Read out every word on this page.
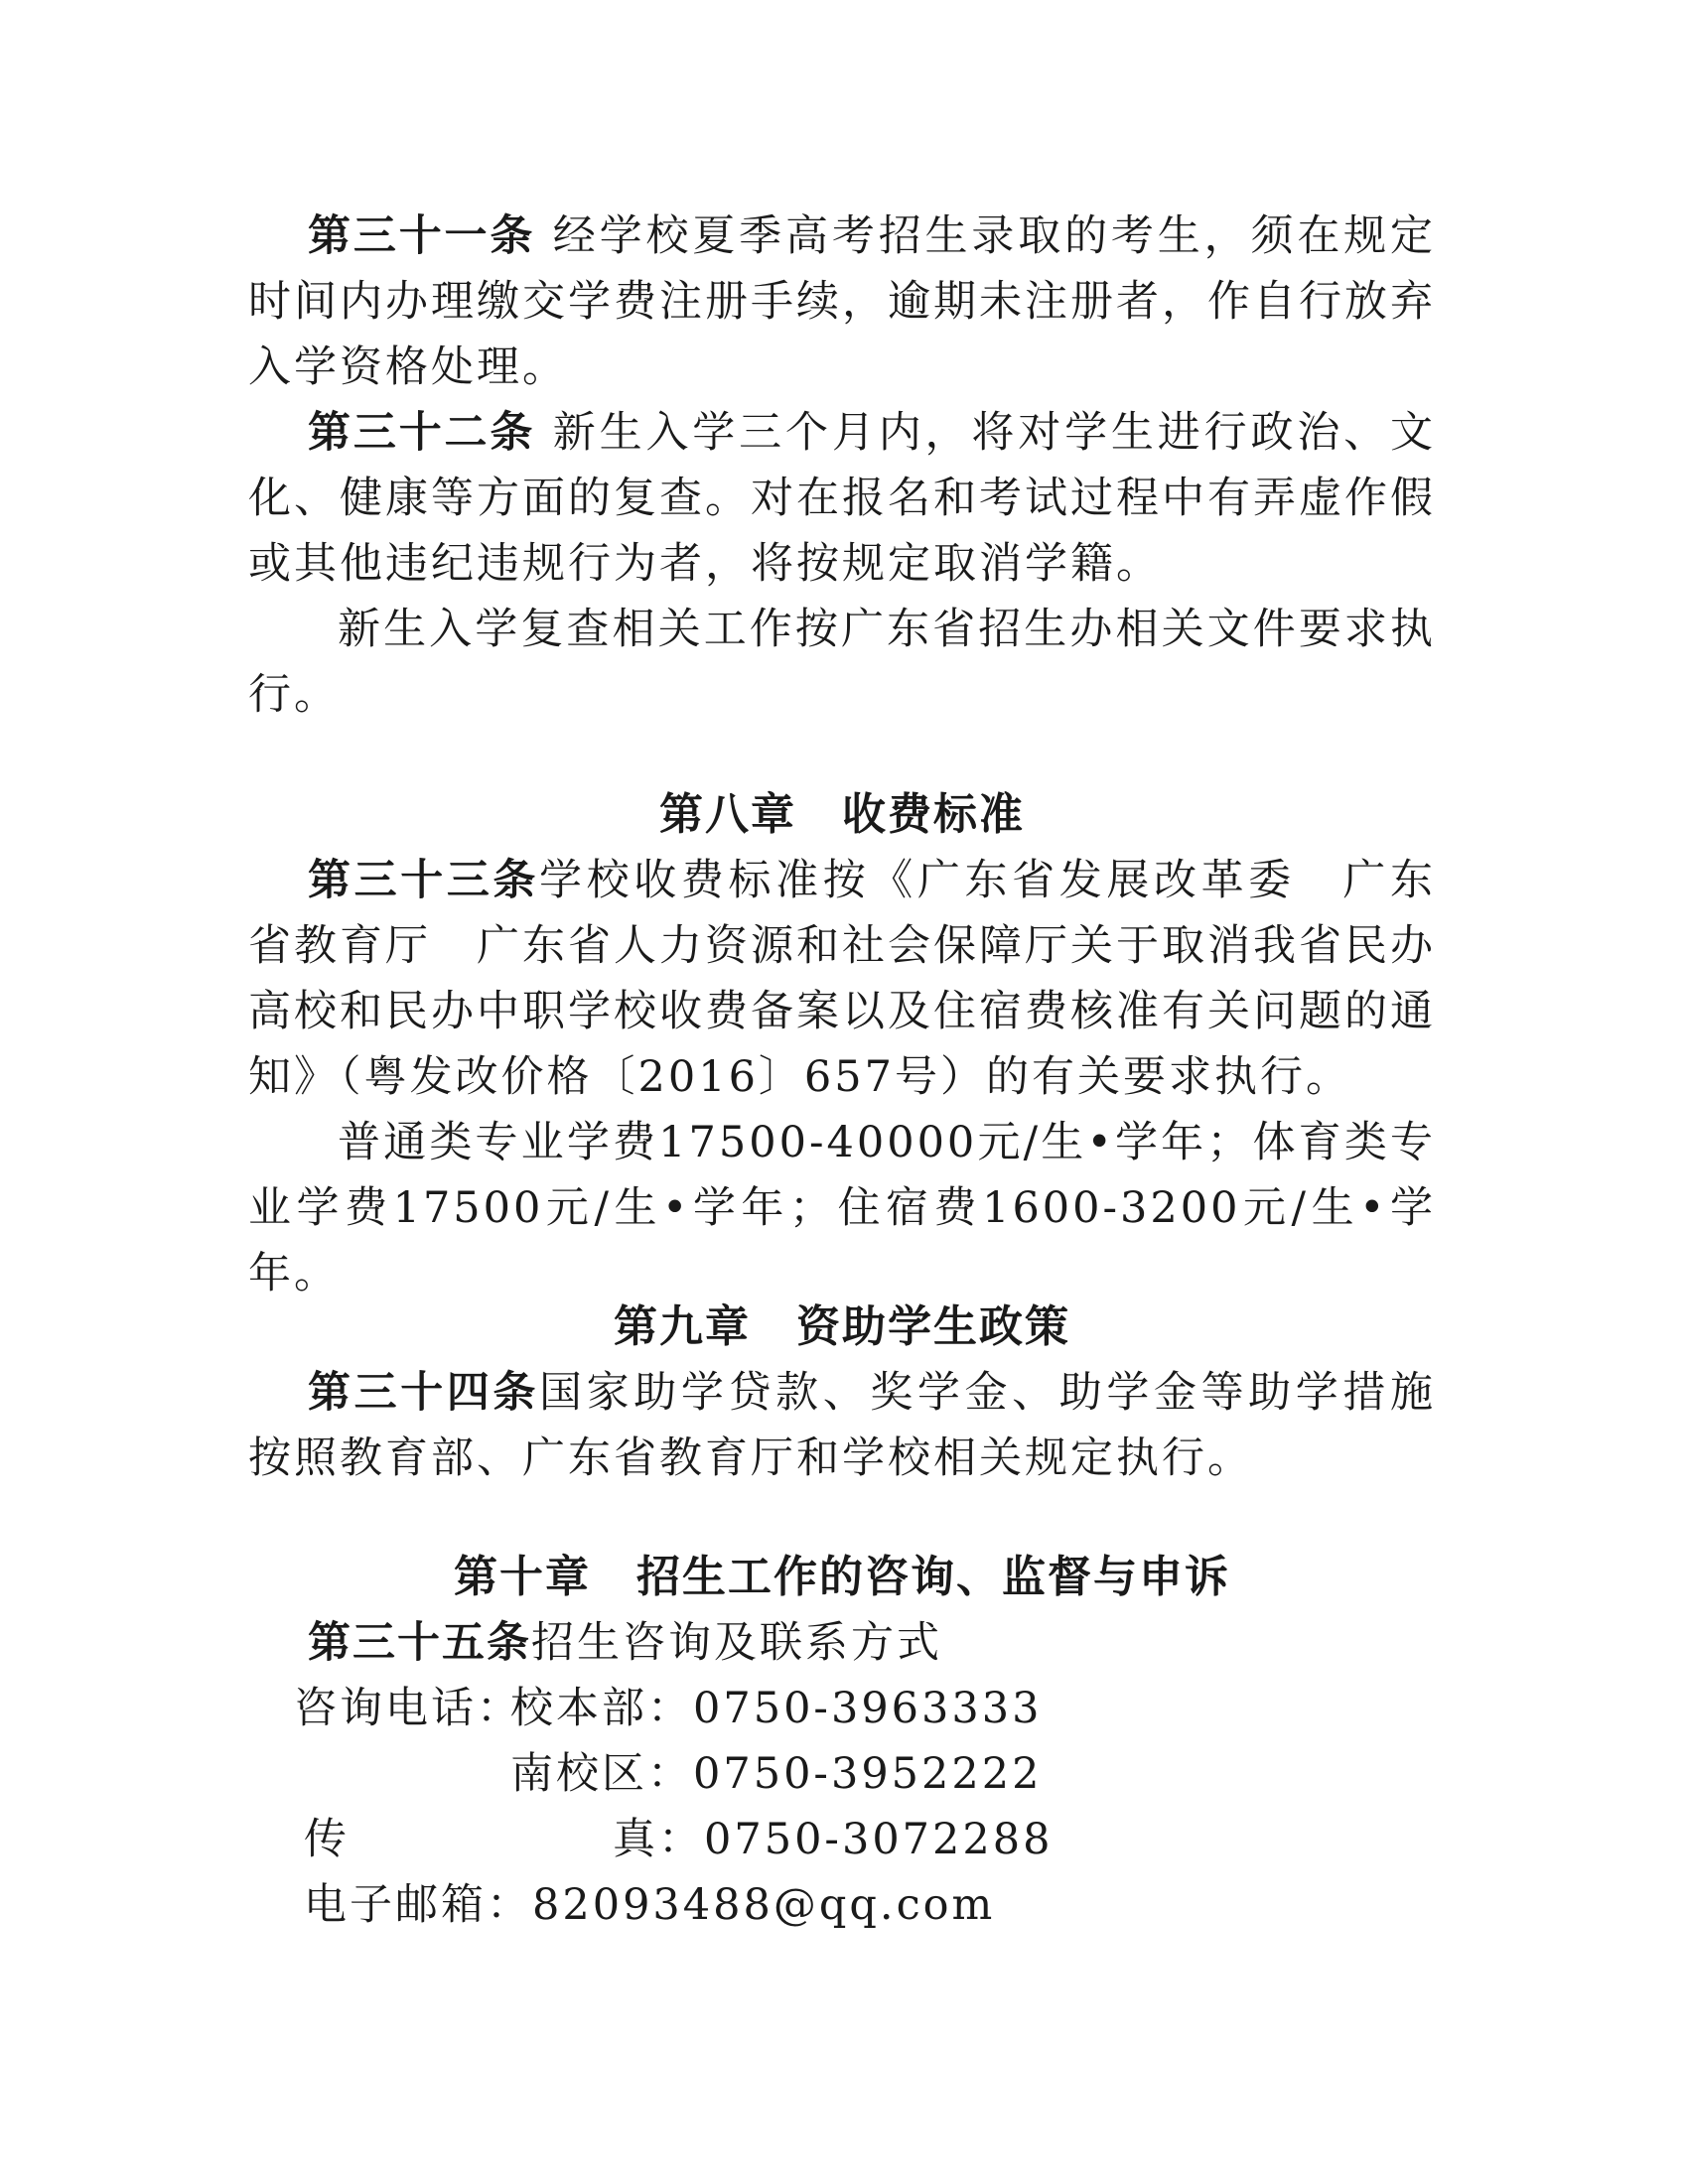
第三十一条 经学校夏季高考招生录取的考生，须在规定时间内办理缴交学费注册手续，逾期未注册者，作自行放弃入学资格处理。

第三十二条 新生入学三个月内，将对学生进行政治、文化、健康等方面的复查。对在报名和考试过程中有弄虚作假或其他违纪违规行为者，将按规定取消学籍。

新生入学复查相关工作按广东省招生办相关文件要求执行。

第八章　收费标准

第三十三条学校收费标准按《广东省发展改革委　广东省教育厅　广东省人力资源和社会保障厅关于取消我省民办高校和民办中职学校收费备案以及住宿费核准有关问题的通知》（粤发改价格〔2016〕657号）的有关要求执行。

普通类专业学费17500-40000元/生•学年；体育类专业学费17500元/生•学年；住宿费1600-3200元/生•学年。

第九章　资助学生政策

第三十四条国家助学贷款、奖学金、助学金等助学措施按照教育部、广东省教育厅和学校相关规定执行。

第十章　招生工作的咨询、监督与申诉

第三十五条招生咨询及联系方式

咨询电话：
校本部：0750-3963333
南校区：0750-3952222
传	真：0750-3072288
电子邮箱：82093488@qq.com
